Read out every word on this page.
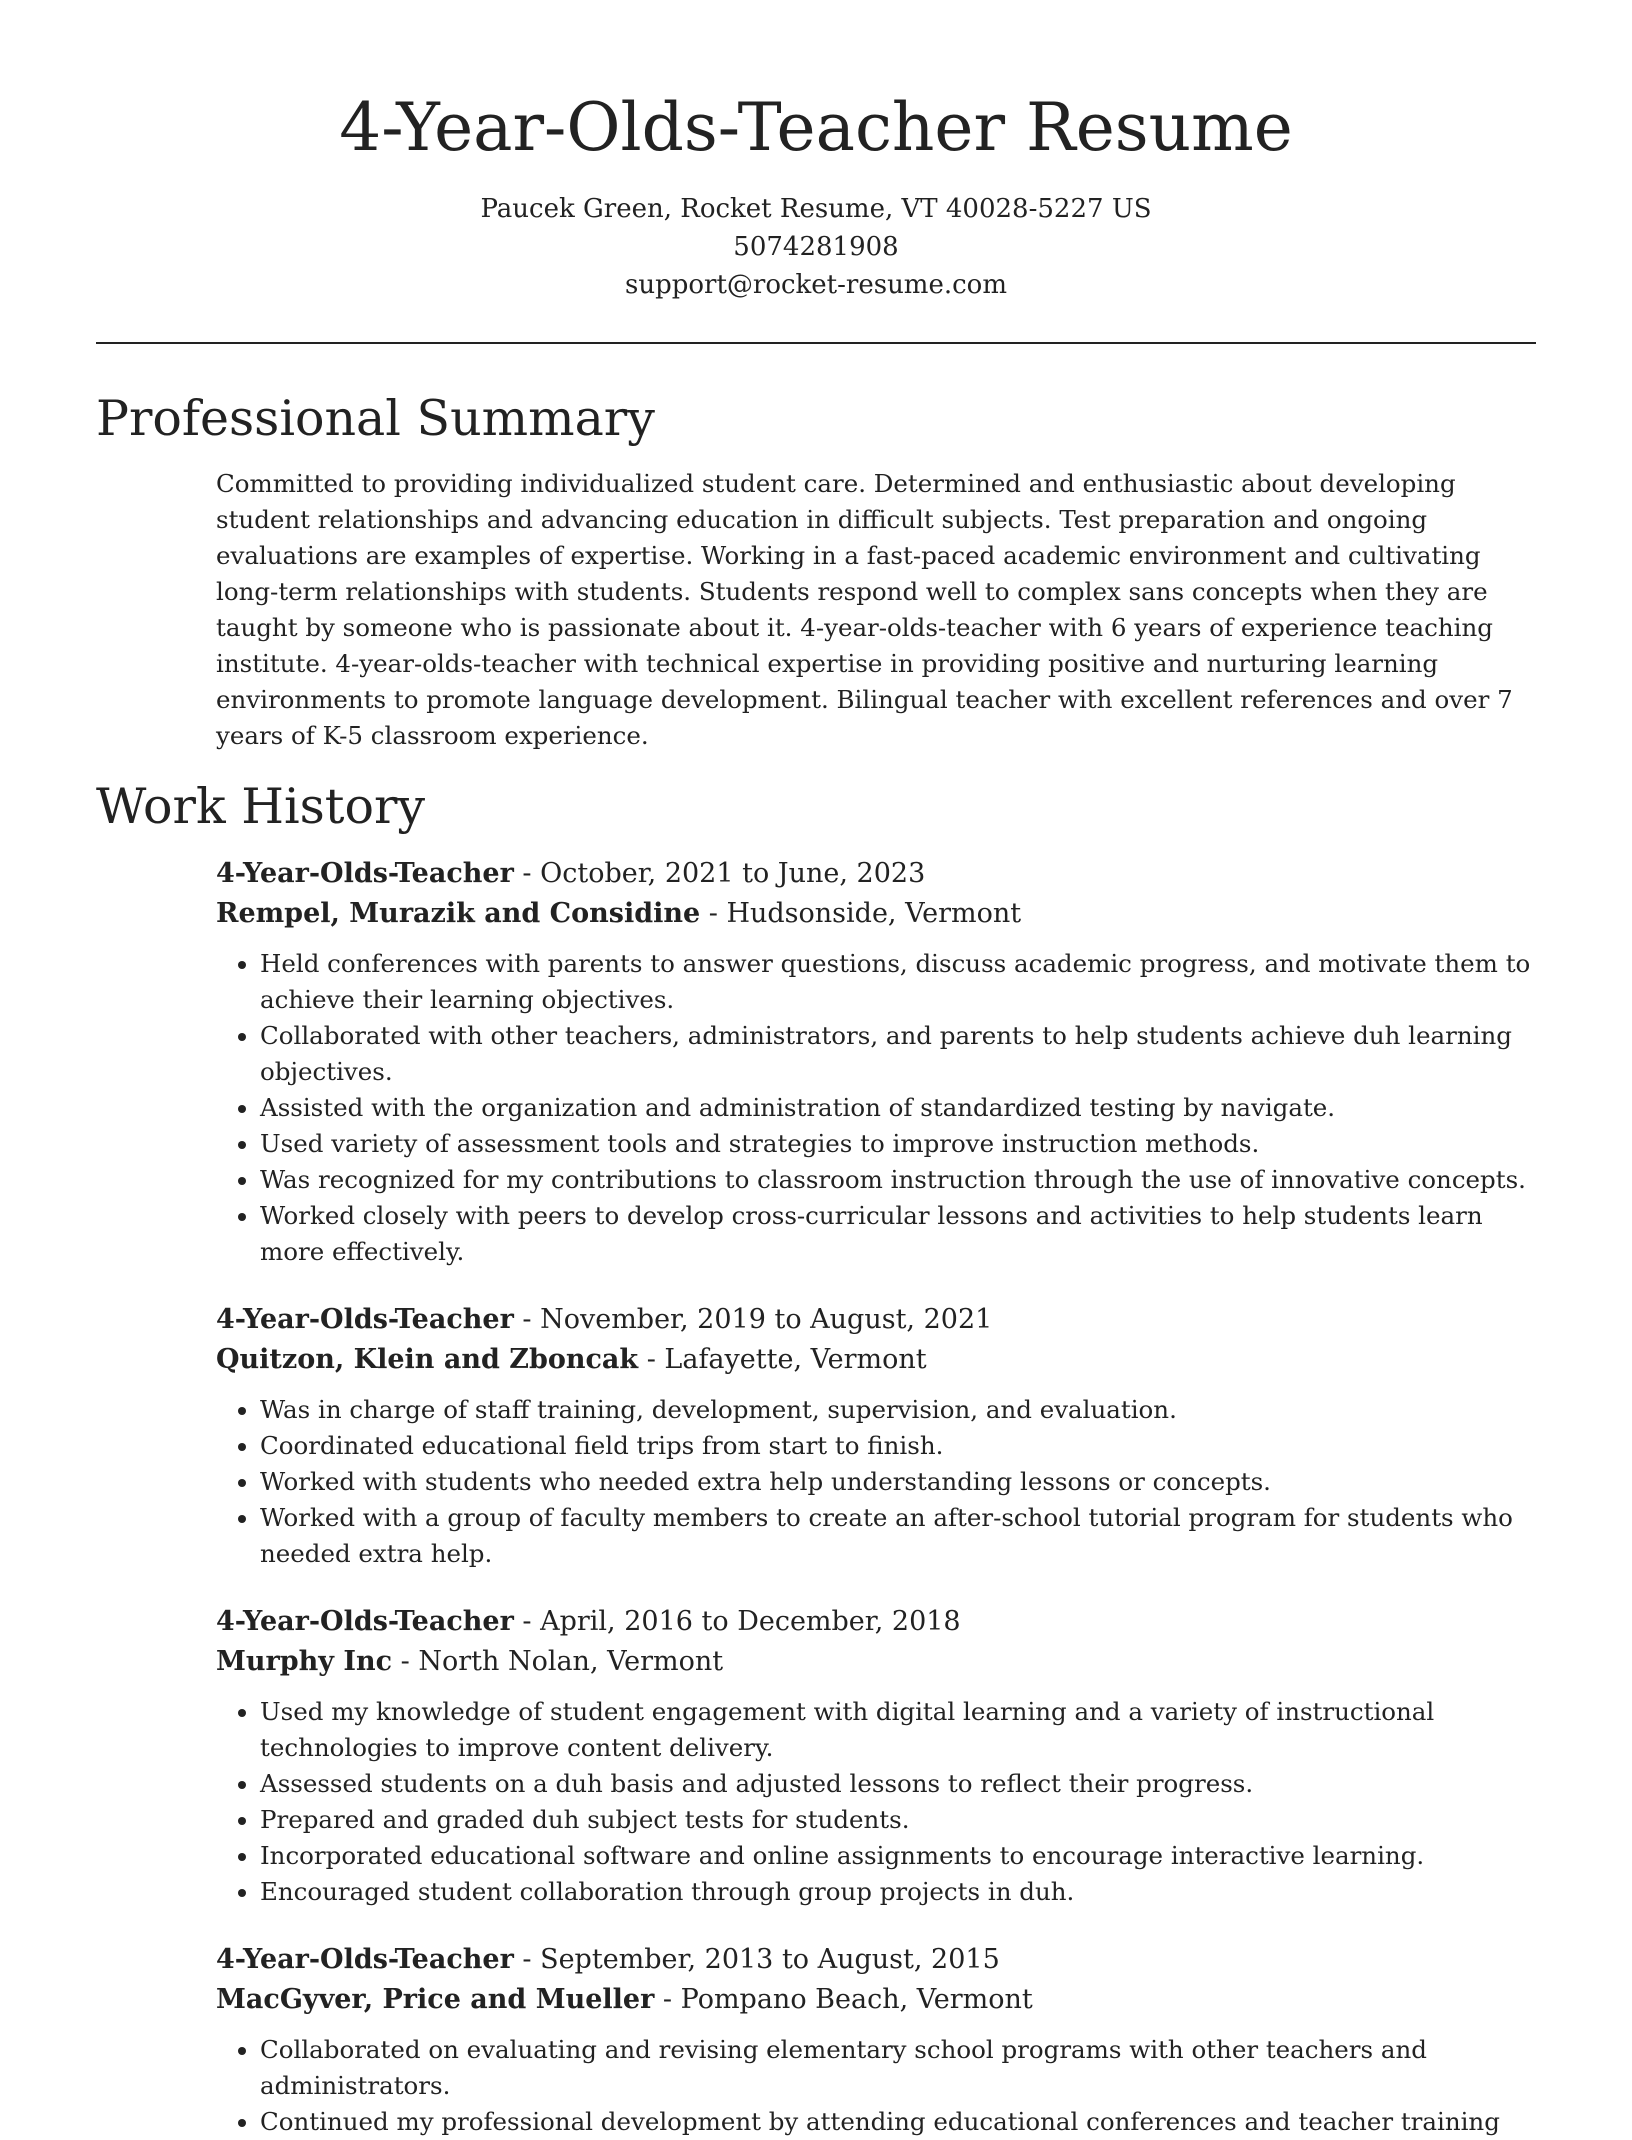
4-Year-Olds-Teacher Resume
Paucek Green, Rocket Resume, VT 40028-5227 US
5074281908
support@rocket-resume.com
Professional Summary

Committed to providing individualized student care. Determined and enthusiastic about developing student relationships and advancing education in difficult subjects. Test preparation and ongoing evaluations are examples of expertise. Working in a fast-paced academic environment and cultivating long-term relationships with students. Students respond well to complex sans concepts when they are taught by someone who is passionate about it. 4-year-olds-teacher with 6 years of experience teaching institute. 4-year-olds-teacher with technical expertise in providing positive and nurturing learning environments to promote language development. Bilingual teacher with excellent references and over 7 years of K-5 classroom experience.

Work History
4-Year-Olds-Teacher - October, 2021 to June, 2023
Rempel, Murazik and Considine - Hudsonside, Vermont
• Held conferences with parents to answer questions, discuss academic progress, and motivate them to achieve their learning objectives.
• Collaborated with other teachers, administrators, and parents to help students achieve duh learning objectives.
• Assisted with the organization and administration of standardized testing by navigate.
• Used variety of assessment tools and strategies to improve instruction methods.
• Was recognized for my contributions to classroom instruction through the use of innovative concepts.
• Worked closely with peers to develop cross-curricular lessons and activities to help students learn more effectively.
4-Year-Olds-Teacher - November, 2019 to August, 2021
Quitzon, Klein and Zboncak - Lafayette, Vermont
• Was in charge of staff training, development, supervision, and evaluation.
• Coordinated educational field trips from start to finish.
• Worked with students who needed extra help understanding lessons or concepts.
• Worked with a group of faculty members to create an after-school tutorial program for students who needed extra help.
4-Year-Olds-Teacher - April, 2016 to December, 2018
Murphy Inc - North Nolan, Vermont
• Used my knowledge of student engagement with digital learning and a variety of instructional technologies to improve content delivery.
• Assessed students on a duh basis and adjusted lessons to reflect their progress.
• Prepared and graded duh subject tests for students.
• Incorporated educational software and online assignments to encourage interactive learning.
• Encouraged student collaboration through group projects in duh.
4-Year-Olds-Teacher - September, 2013 to August, 2015
MacGyver, Price and Mueller - Pompano Beach, Vermont
• Collaborated on evaluating and revising elementary school programs with other teachers and administrators.
• Continued my professional development by attending educational conferences and teacher training
